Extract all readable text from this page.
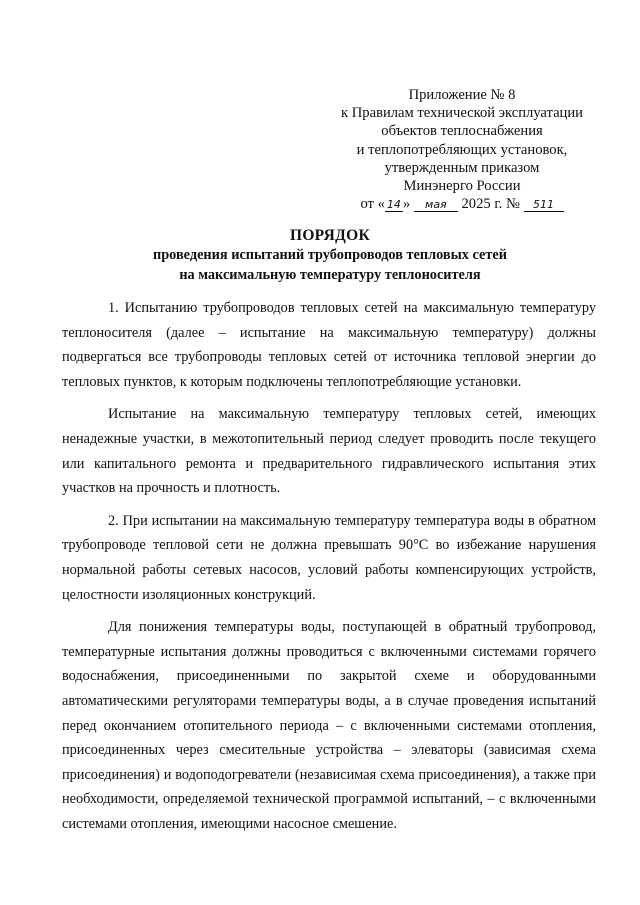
Приложение № 8
к Правилам технической эксплуатации
объектов теплоснабжения
и теплопотребляющих установок,
утвержденным приказом
Минэнерго России
от « 14 » мая 2025 г. № 511
ПОРЯДОК
проведения испытаний трубопроводов тепловых сетей
на максимальную температуру теплоносителя

1. Испытанию трубопроводов тепловых сетей на максимальную температуру теплоносителя (далее – испытание на максимальную температуру) должны подвергаться все трубопроводы тепловых сетей от источника тепловой энергии до тепловых пунктов, к которым подключены теплопотребляющие установки.

Испытание на максимальную температуру тепловых сетей, имеющих ненадежные участки, в межотопительный период следует проводить после текущего или капитального ремонта и предварительного гидравлического испытания этих участков на прочность и плотность.

2. При испытании на максимальную температуру температура воды в обратном трубопроводе тепловой сети не должна превышать 90°С во избежание нарушения нормальной работы сетевых насосов, условий работы компенсирующих устройств, целостности изоляционных конструкций.

Для понижения температуры воды, поступающей в обратный трубопровод, температурные испытания должны проводиться с включенными системами горячего водоснабжения, присоединенными по закрытой схеме и оборудованными автоматическими регуляторами температуры воды, а в случае проведения испытаний перед окончанием отопительного периода – с включенными системами отопления, присоединенных через смесительные устройства – элеваторы (зависимая схема присоединения) и водоподогреватели (независимая схема присоединения), а также при необходимости, определяемой технической программой испытаний, – с включенными системами отопления, имеющими насосное смешение.
